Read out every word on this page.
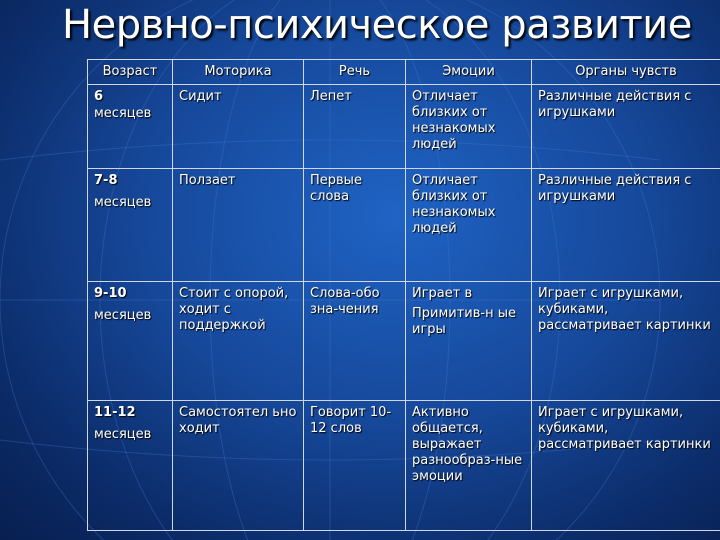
Нервно-психическое развитие
Возраст	Моторика	Речь	Эмоции	Органы чувств

6
месяцев	Сидит	Лепет	Отличает близких от незнакомых людей	Различные действия с игрушками

7-8
месяцев	Ползает	Первые слова	Отличает близких от незнакомых людей	Различные действия с игрушками

9-10
месяцев	Стоит с опорой, ходит с поддержкой	Слова-обо зна-чения	Играет в
Примитив-н ые игры	Играет с игрушками, кубиками, рассматривает картинки

11-12
месяцев	Самостоятел ьно ходит	Говорит 10-12 слов	Активно общается, выражает разнообраз-ные эмоции	Играет с игрушками, кубиками, рассматривает картинки
